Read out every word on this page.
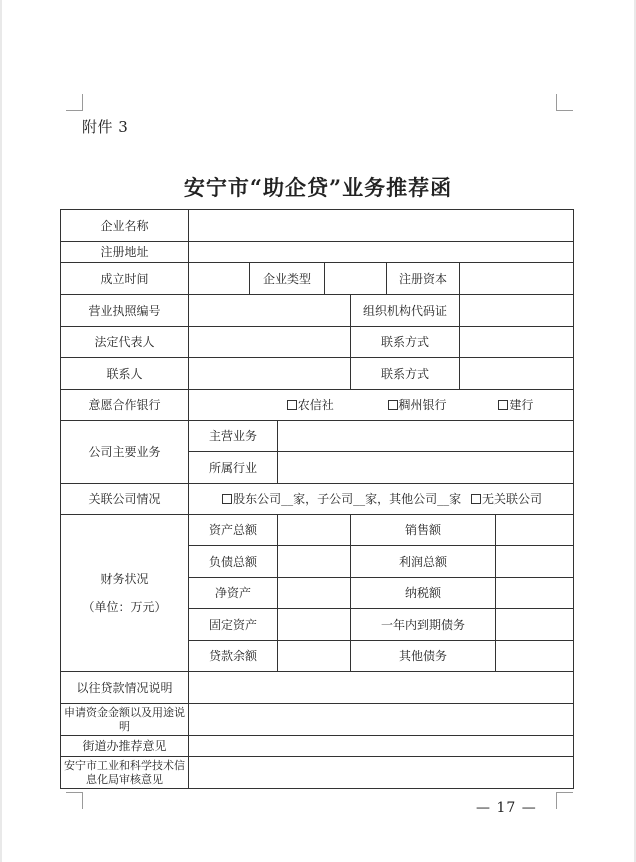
附件 3
安宁市“助企贷”业务推荐函
企业名称								
注册地址								
成立时间		企业类型				注册资本		
营业执照编号					组织机构代码证			
法定代表人					联系方式			
联系人					联系方式			
意愿合作银行	农信社 稠州银行 建行							
公司主要业务	主营业务							
	所属行业							
关联公司情况	股东公司__家，子公司__家，其他公司__家 无关联公司							

财务状况
（单位：万元）	资产总额				销售额			
	负债总额				利润总额			
	净资产				纳税额			
	固定资产				一年内到期债务			
	贷款余额				其他债务			
以往贷款情况说明								
申请资金金额以及用途说明								
街道办推荐意见								
安宁市工业和科学技术信息化局审核意见								
— 17 —
